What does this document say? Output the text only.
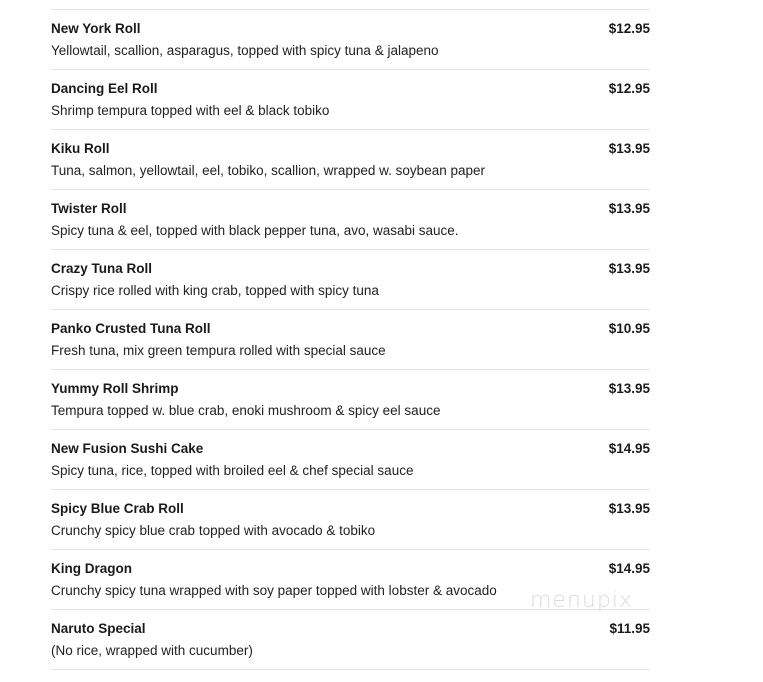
New York Roll	$12.95
Yellowtail, scallion, asparagus, topped with spicy tuna & jalapeno
Dancing Eel Roll	$12.95
Shrimp tempura topped with eel & black tobiko
Kiku Roll	$13.95
Tuna, salmon, yellowtail, eel, tobiko, scallion, wrapped w. soybean paper
Twister Roll	$13.95
Spicy tuna & eel, topped with black pepper tuna, avo, wasabi sauce.
Crazy Tuna Roll	$13.95
Crispy rice rolled with king crab, topped with spicy tuna
Panko Crusted Tuna Roll	$10.95
Fresh tuna, mix green tempura rolled with special sauce
Yummy Roll Shrimp	$13.95
Tempura topped w. blue crab, enoki mushroom & spicy eel sauce
New Fusion Sushi Cake	$14.95
Spicy tuna, rice, topped with broiled eel & chef special sauce
Spicy Blue Crab Roll	$13.95
Crunchy spicy blue crab topped with avocado & tobiko
King Dragon	$14.95
Crunchy spicy tuna wrapped with soy paper topped with lobster & avocado
Naruto Special	$11.95
(No rice, wrapped with cucumber)
menupix
